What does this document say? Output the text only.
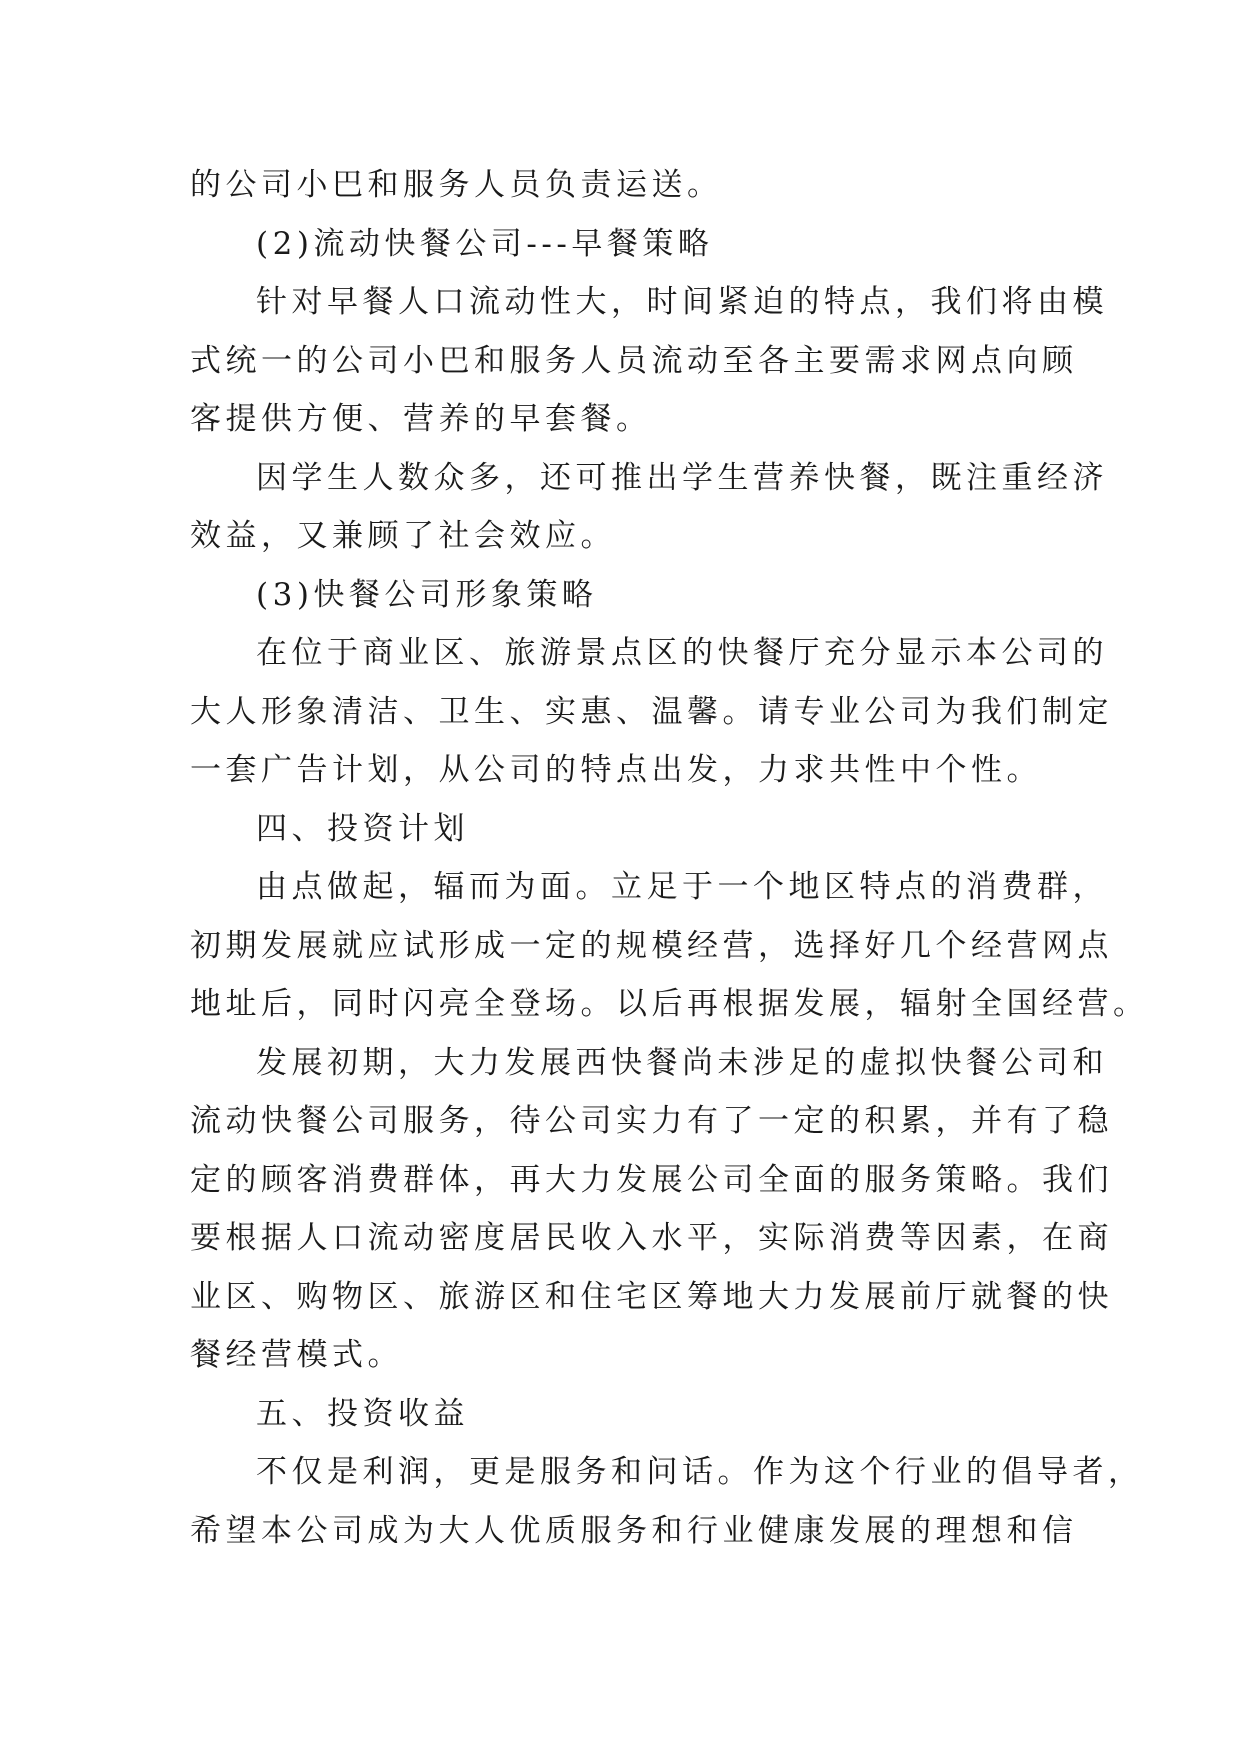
的公司小巴和服务人员负责运送。
(2)流动快餐公司---早餐策略
针对早餐人口流动性大，时间紧迫的特点，我们将由模
式统一的公司小巴和服务人员流动至各主要需求网点向顾
客提供方便、营养的早套餐。
因学生人数众多，还可推出学生营养快餐，既注重经济
效益，又兼顾了社会效应。
(3)快餐公司形象策略
在位于商业区、旅游景点区的快餐厅充分显示本公司的
大人形象清洁、卫生、实惠、温馨。请专业公司为我们制定
一套广告计划，从公司的特点出发，力求共性中个性。
四、投资计划
由点做起，辐而为面。立足于一个地区特点的消费群，
初期发展就应试形成一定的规模经营，选择好几个经营网点
地址后，同时闪亮全登场。以后再根据发展，辐射全国经营。
发展初期，大力发展西快餐尚未涉足的虚拟快餐公司和
流动快餐公司服务，待公司实力有了一定的积累，并有了稳
定的顾客消费群体，再大力发展公司全面的服务策略。我们
要根据人口流动密度居民收入水平，实际消费等因素，在商
业区、购物区、旅游区和住宅区筹地大力发展前厅就餐的快
餐经营模式。
五、投资收益
不仅是利润，更是服务和问话。作为这个行业的倡导者，
希望本公司成为大人优质服务和行业健康发展的理想和信
